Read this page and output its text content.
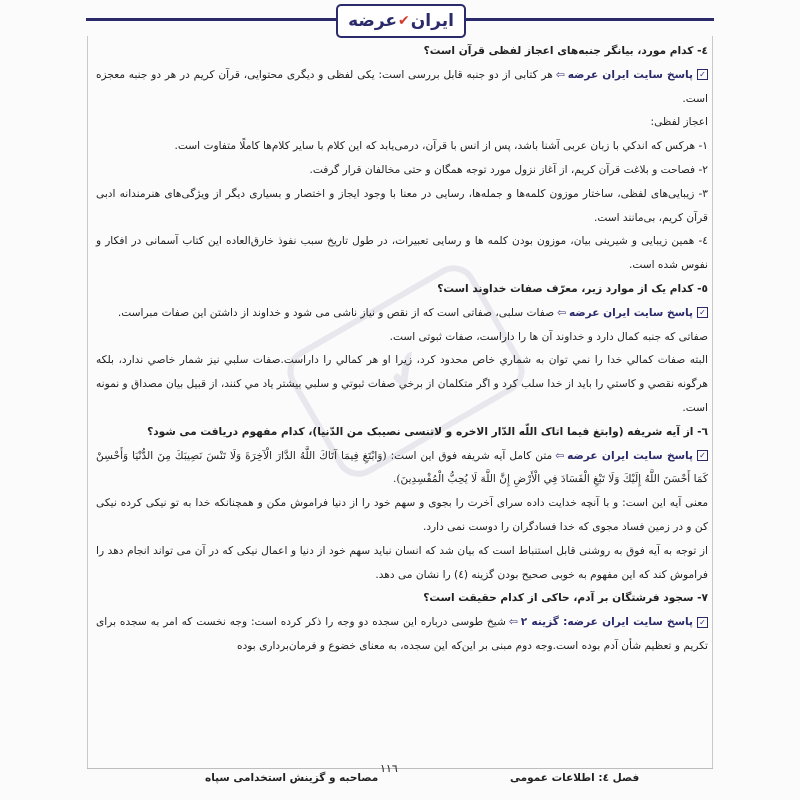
ایران
✔
عرضه
✔

٤- كدام مورد، بيانگر جنبه‌های اعجاز لفظی قرآن است؟

✓پاسخ سایت ایران عرضه⇦هر کتابی از دو جنبه قابل بررسی است: یکی لفظی و دیگری محتوایی، قرآن کریم در هر دو جنبه معجزه است.

اعجاز لفظی:

١- هرکس كه اندكي با زبان عربی آشنا باشد، پس از انس با قرآن، درمی‌یابد كه این كلام با سایر كلام‌ها كاملًا متفاوت است.

٢- فصاحت و بلاغت قرآن كريم، از آغاز نزول مورد توجه همگان و حتی مخالفان قرار گرفت.

٣- زیبایی‌های لفظی، ساختار موزون كلمه‌ها و جمله‌ها، رسایی در معنا با وجود ايجاز و اختصار و بسیاری ديگر از ویژگی‌های هنرمندانه ادبی قرآن كريم، بی‌مانند است.

٤- همین زیبایی و شیرینی بیان، موزون بودن کلمه ها و رسایی تعبیرات، در طول تاریخ سبب نفوذ خارق‌العاده این کتاب آسمانی در افکار و نفوس شده است.

٥- كدام يک از موارد زير، معرّف صفات خداوند است؟

✓پاسخ سایت ایران عرضه⇦صفات سلبی، صفاتی است كه از نقص و نیاز ناشی می شود و خداوند از داشتن این صفات مبراست.

صفاتی که جنبه کمال دارد و خداوند آن ها را داراست، صفات ثبوتی است.

البته صفات كمالي خدا را نمي توان به شماري خاص محدود كرد، زيرا او هر كمالي را داراست.صفات سلبي نيز شمار خاصي ندارد، بلكه هرگونه نقصي و كاستي را بايد از خدا سلب كرد و اگر متكلمان از برخي صفات ثبوتي و سلبي بيشتر ياد مي كنند، از قبيل بيان مصداق و نمونه است.

٦- از آيه شريفه (وابتغ فيما اتاک اللّه الدّار الاخره و لاتنسی نصيبک من الدّنيا)، كدام مفهوم دريافت می شود؟

✓پاسخ سایت ایران عرضه⇦متن كامل آيه شريفه فوق اين است: (وَابْتَغِ فِيمَا آتَاكَ اللَّهُ الدَّارَ الْآخِرَةَ وَلَا تَنْسَ نَصِيبَكَ مِنَ الدُّنْيَا وَأَحْسِنْ كَمَا أَحْسَنَ اللَّهُ إِلَيْكَ وَلَا تَبْغِ الْفَسَادَ فِي الْأَرْضِ إِنَّ اللَّهَ لَا يُحِبُّ الْمُفْسِدِينَ).

معنی آيه اين است: و با آنچه خدایت داده سرای آخرت را بجوی و سهم خود را از دنيا فراموش مكن و همچنانكه خدا به تو نيكی كرده نيكی كن و در زمين فساد مجوی كه خدا فسادگران را دوست نمی دارد.

از توجه به آيه فوق به روشنی قابل استنباط است كه بيان شد كه انسان نبايد سهم خود از دنيا و اعمال نيكی كه در آن می تواند انجام دهد را فراموش كند كه اين مفهوم به خوبی صحيح بودن گزينه (٤) را نشان می دهد.

٧- سجود فرشتگان بر آدم، حاكی از كدام حقيقت است؟

✓پاسخ سایت ایران عرضه: گزینه ٢⇦شيخ طوسی درباره اين سجده دو وجه را ذكر كرده است: وجه نخست كه امر به سجده برای تكريم و تعظيم شأن آدم بوده است.وجه دوم مبنی بر اين‌كه اين سجده، به معنای خضوع و فرمان‌برداری بوده

مصاحبه و گزینش استخدامی سپاه
١١٦
فصل ٤: اطلاعات عمومی
